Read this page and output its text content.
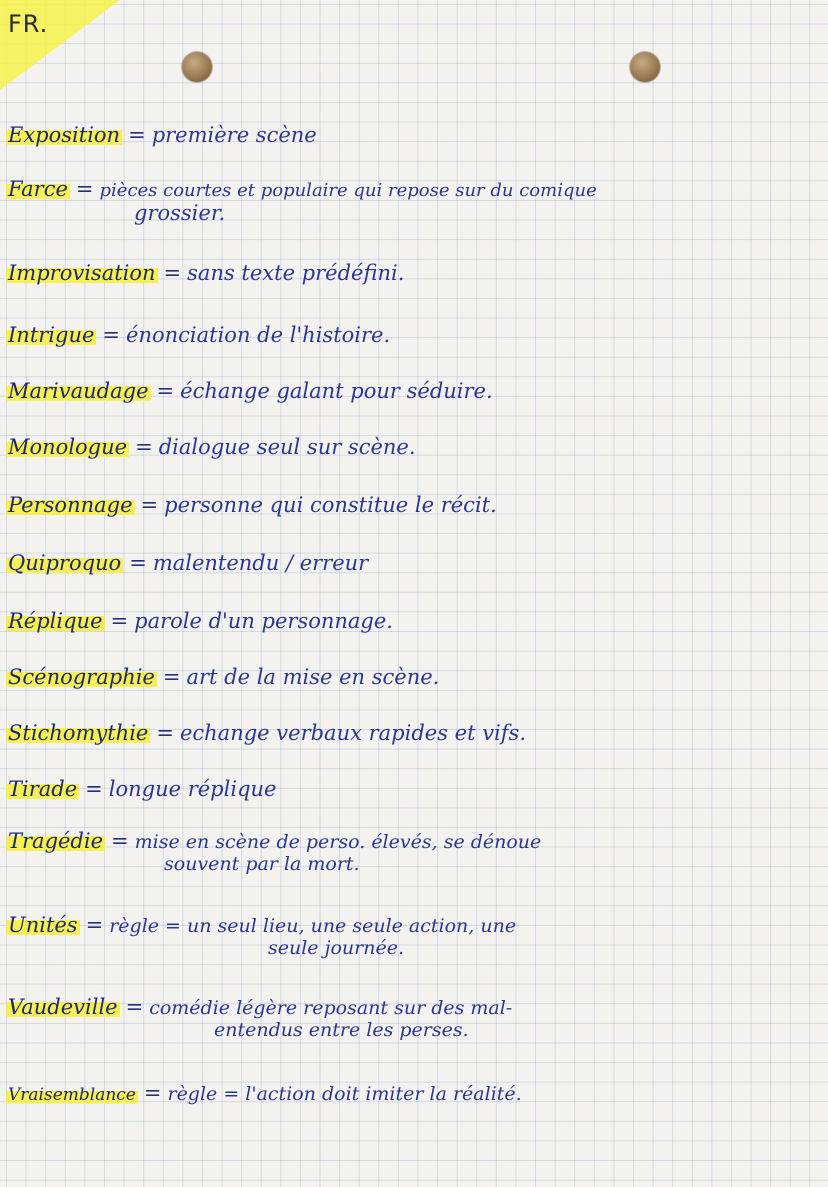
FR.
Exposition = première scène
Farce = pièces courtes et populaire qui repose sur du comique
grossier.
Improvisation = sans texte prédéfini.
Intrigue = énonciation de l'histoire.
Marivaudage = échange galant pour séduire.
Monologue = dialogue seul sur scène.
Personnage = personne qui constitue le récit.
Quiproquo = malentendu / erreur
Réplique = parole d'un personnage.
Scénographie = art de la mise en scène.
Stichomythie = echange verbaux rapides et vifs.
Tirade = longue réplique
Tragédie = mise en scène de perso. élevés, se dénoue
souvent par la mort.
Unités = règle = un seul lieu, une seule action, une
seule journée.
Vaudeville = comédie légère reposant sur des mal-
entendus entre les perses.
Vraisemblance = règle = l'action doit imiter la réalité.
